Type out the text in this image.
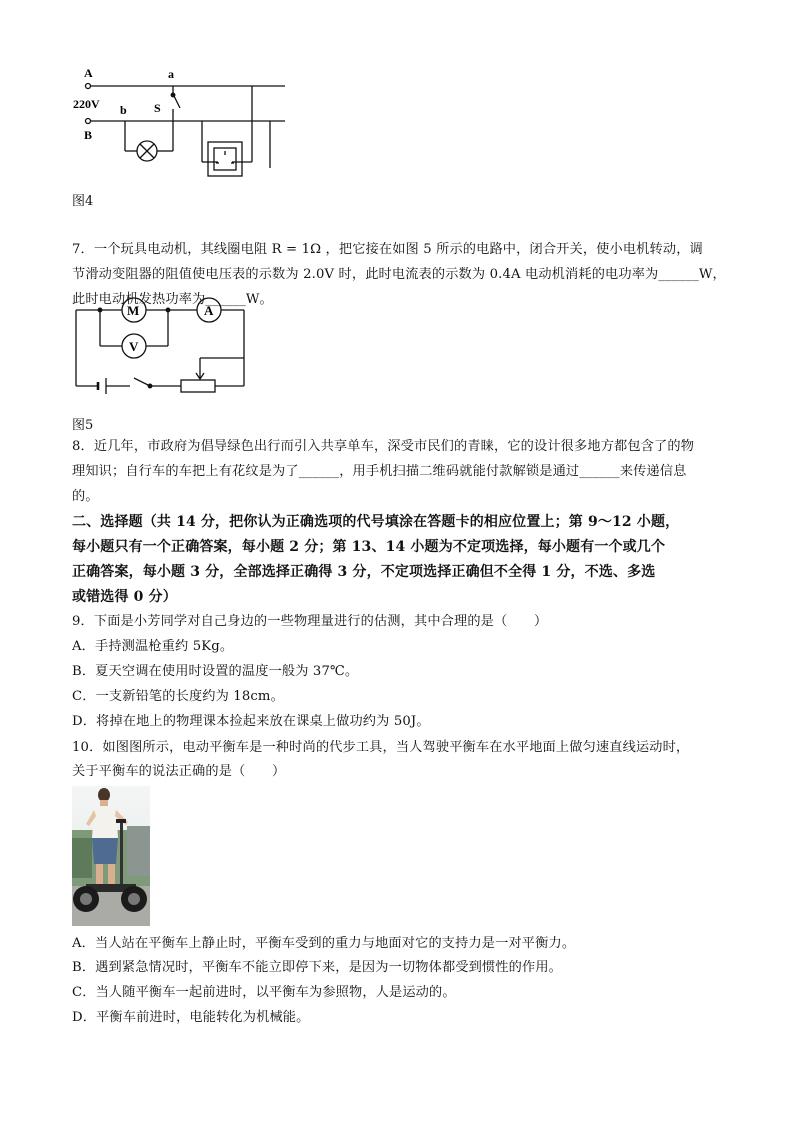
A
220V
B
a
b S
图4
7．一个玩具电动机，其线圈电阻 R = 1Ω ，把它接在如图 5 所示的电路中，闭合开关，使小电机转动，调
节滑动变阻器的阻值使电压表的示数为 2.0V 时，此时电流表的示数为 0.4A 电动机消耗的电功率为______W，
此时电动机发热功率为______W。
M
V
A
图5
8．近几年，市政府为倡导绿色出行而引入共享单车，深受市民们的青睐，它的设计很多地方都包含了的物
理知识；自行车的车把上有花纹是为了______，用手机扫描二维码就能付款解锁是通过______来传递信息
的。
二、选择题（共 14 分，把你认为正确选项的代号填涂在答题卡的相应位置上；第 9～12 小题，
每小题只有一个正确答案，每小题 2 分；第 13、14 小题为不定项选择，每小题有一个或几个
正确答案，每小题 3 分，全部选择正确得 3 分，不定项选择正确但不全得 1 分，不选、多选
或错选得 0 分）
9．下面是小芳同学对自己身边的一些物理量进行的估测，其中合理的是（　　）
A．手持测温枪重约 5Kg。
B．夏天空调在使用时设置的温度一般为 37℃。
C．一支新铅笔的长度约为 18cm。
D．将掉在地上的物理课本捡起来放在课桌上做功约为 50J。
10．如图图所示，电动平衡车是一种时尚的代步工具，当人驾驶平衡车在水平地面上做匀速直线运动时，
关于平衡车的说法正确的是（　　）
A．当人站在平衡车上静止时，平衡车受到的重力与地面对它的支持力是一对平衡力。
B．遇到紧急情况时，平衡车不能立即停下来，是因为一切物体都受到惯性的作用。
C．当人随平衡车一起前进时，以平衡车为参照物，人是运动的。
D．平衡车前进时，电能转化为机械能。
